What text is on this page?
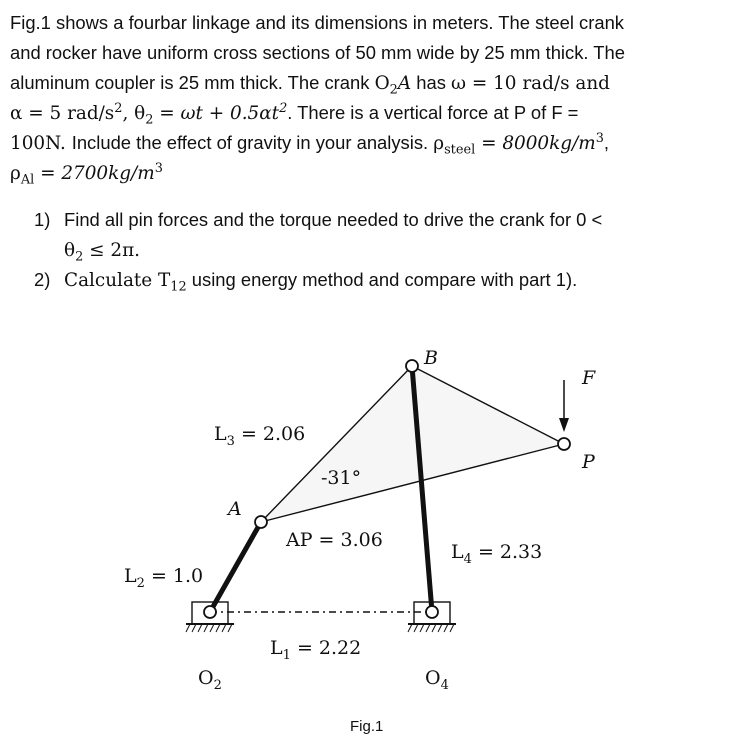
Fig.1 shows a fourbar linkage and its dimensions in meters. The steel crank
and rocker have uniform cross sections of 50 mm wide by 25 mm thick. The
aluminum coupler is 25 mm thick. The crank $O_2A$ has ω = 10 rad/s and
α = 5 rad/$s^2$, $\theta_2 = \omega t + 0.5\alpha t^2$. There is a vertical force at P of F =
100N. Include the effect of gravity in your analysis. $\rho_{steel} = 8000kg/m^3$,
$\rho_{Al} = 2700kg/m^3$
1) Find all pin forces and the torque needed to drive the crank for 0 <
$\theta_2 \le 2\pi$.
2) Calculate $T_{12}$ using energy method and compare with part 1).
B
F
P
A
$L_3 = 2.06$
-31°
AP = 3.06
$L_2 = 1.0$
$L_4 = 2.33$
$L_1 = 2.22$
$O_2$	$O_4$
Fig.1
